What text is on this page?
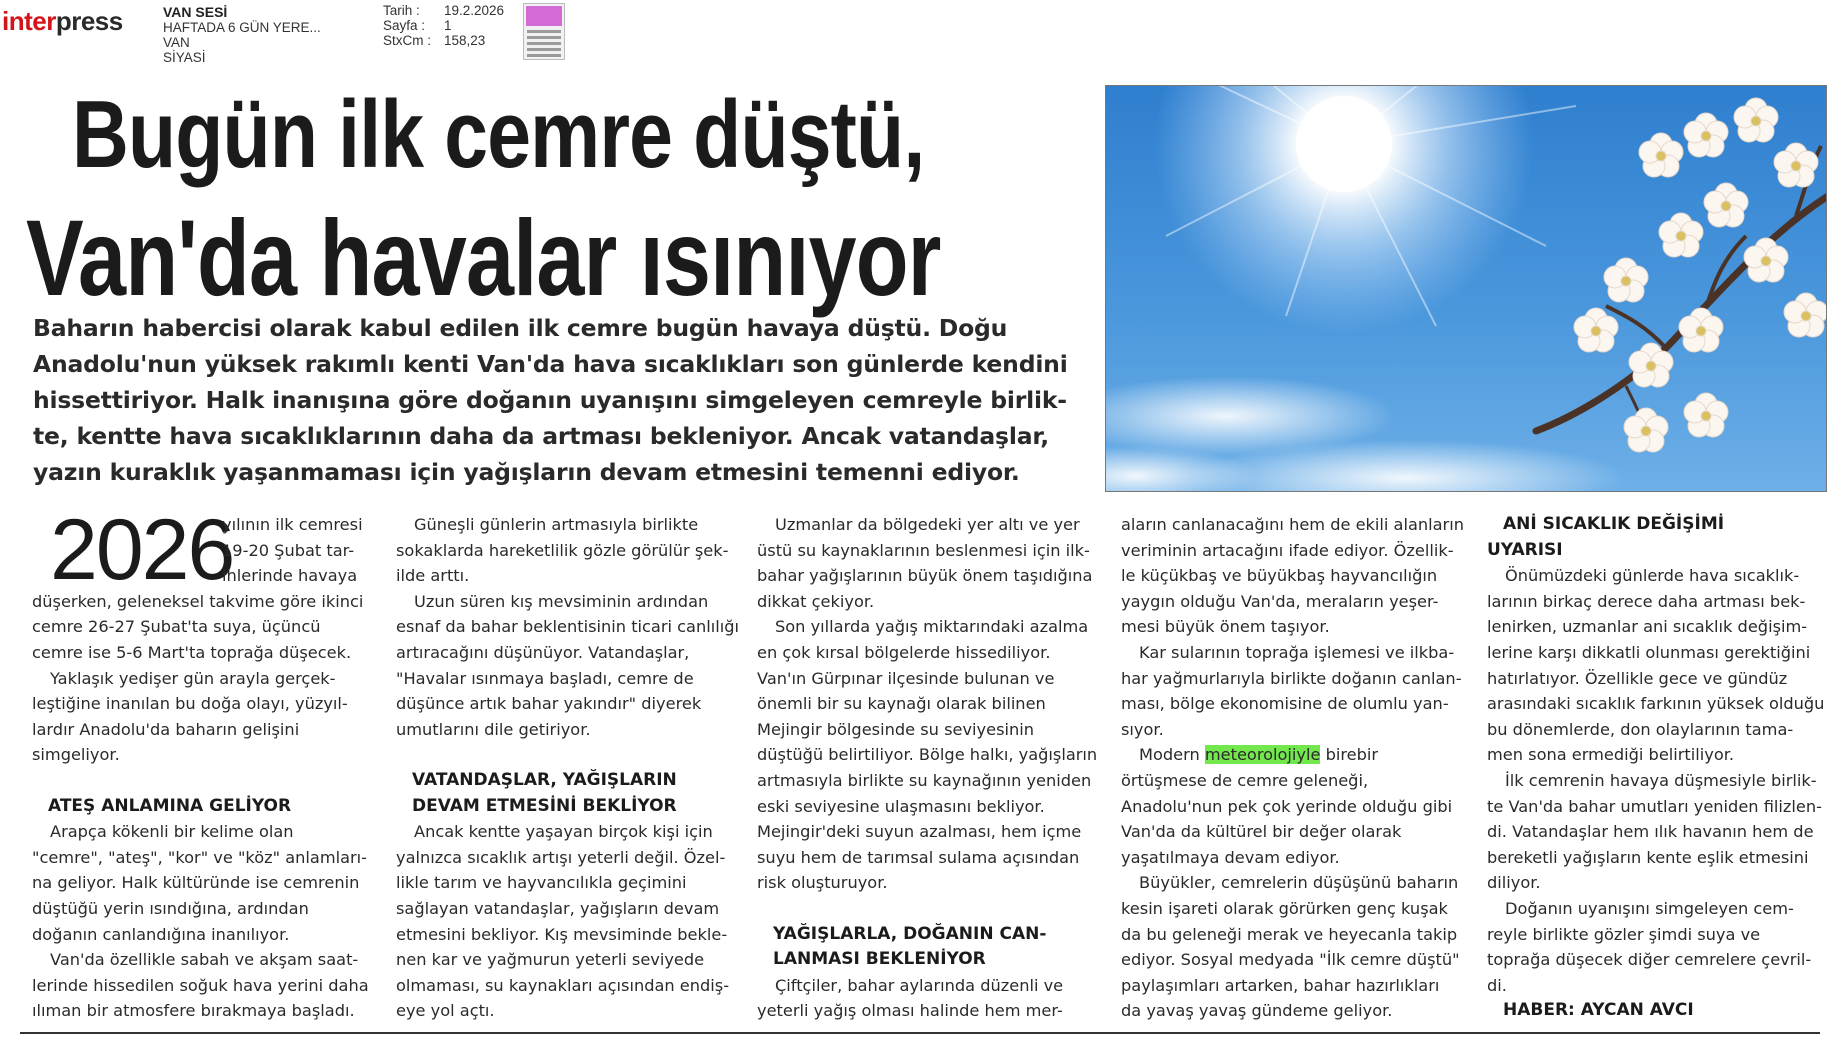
interpress	VAN SESİ
HAFTADA 6 GÜN YERE...
VAN
SİYASİ
Tarih :	19.2.2026
Sayfa :	1
StxCm : 158,23
Bugün ilk cemre düştü,
Van'da havalar ısınıyor
Baharın habercisi olarak kabul edilen ilk cemre bugün havaya düştü. Doğu
Anadolu'nun yüksek rakımlı kenti Van'da hava sıcaklıkları son günlerde kendini
hissettiriyor. Halk inanışına göre doğanın uyanışını simgeleyen cemreyle birlik-
te, kentte hava sıcaklıklarının daha da artması bekleniyor. Ancak vatandaşlar,
yazın kuraklık yaşanmaması için yağışların devam etmesini temenni ediyor.
2026
yılının ilk cemresi
19-20 Şubat tar-
ihlerinde havaya
düşerken, geleneksel takvime göre ikinci
cemre 26-27 Şubat'ta suya, üçüncü
cemre ise 5-6 Mart'ta toprağa düşecek.
Yaklaşık yedişer gün arayla gerçek-
leştiğine inanılan bu doğa olayı, yüzyıl-
lardır Anadolu'da baharın gelişini
simgeliyor.
ATEŞ ANLAMINA GELİYOR
Arapça kökenli bir kelime olan
"cemre", "ateş", "kor" ve "köz" anlamları-
na geliyor. Halk kültüründe ise cemrenin
düştüğü yerin ısındığına, ardından
doğanın canlandığına inanılıyor.
Van'da özellikle sabah ve akşam saat-
lerinde hissedilen soğuk hava yerini daha
ılıman bir atmosfere bırakmaya başladı.
Güneşli günlerin artmasıyla birlikte
sokaklarda hareketlilik gözle görülür şek-
ilde arttı.
Uzun süren kış mevsiminin ardından
esnaf da bahar beklentisinin ticari canlılığı
artıracağını düşünüyor. Vatandaşlar,
"Havalar ısınmaya başladı, cemre de
düşünce artık bahar yakındır" diyerek
umutlarını dile getiriyor.
VATANDAŞLAR, YAĞIŞLARIN
DEVAM ETMESİNİ BEKLİYOR
Ancak kentte yaşayan birçok kişi için
yalnızca sıcaklık artışı yeterli değil. Özel-
likle tarım ve hayvancılıkla geçimini
sağlayan vatandaşlar, yağışların devam
etmesini bekliyor. Kış mevsiminde bekle-
nen kar ve yağmurun yeterli seviyede
olmaması, su kaynakları açısından endiş-
eye yol açtı.
Uzmanlar da bölgedeki yer altı ve yer
üstü su kaynaklarının beslenmesi için ilk-
bahar yağışlarının büyük önem taşıdığına
dikkat çekiyor.
Son yıllarda yağış miktarındaki azalma
en çok kırsal bölgelerde hissediliyor.
Van'ın Gürpınar ilçesinde bulunan ve
önemli bir su kaynağı olarak bilinen
Mejingir bölgesinde su seviyesinin
düştüğü belirtiliyor. Bölge halkı, yağışların
artmasıyla birlikte su kaynağının yeniden
eski seviyesine ulaşmasını bekliyor.
Mejingir'deki suyun azalması, hem içme
suyu hem de tarımsal sulama açısından
risk oluşturuyor.
YAĞIŞLARLA, DOĞANIN CAN-
LANMASI BEKLENİYOR
Çiftçiler, bahar aylarında düzenli ve
yeterli yağış olması halinde hem mer-
aların canlanacağını hem de ekili alanların
veriminin artacağını ifade ediyor. Özellik-
le küçükbaş ve büyükbaş hayvancılığın
yaygın olduğu Van'da, meraların yeşer-
mesi büyük önem taşıyor.
Kar sularının toprağa işlemesi ve ilkba-
har yağmurlarıyla birlikte doğanın canlan-
ması, bölge ekonomisine de olumlu yan-
sıyor.
Modern meteorolojiyle birebir
örtüşmese de cemre geleneği,
Anadolu'nun pek çok yerinde olduğu gibi
Van'da da kültürel bir değer olarak
yaşatılmaya devam ediyor.
Büyükler, cemrelerin düşüşünü baharın
kesin işareti olarak görürken genç kuşak
da bu geleneği merak ve heyecanla takip
ediyor. Sosyal medyada "İlk cemre düştü"
paylaşımları artarken, bahar hazırlıkları
da yavaş yavaş gündeme geliyor.
ANİ SICAKLIK DEĞİŞİMİ
UYARISI
Önümüzdeki günlerde hava sıcaklık-
larının birkaç derece daha artması bek-
lenirken, uzmanlar ani sıcaklık değişim-
lerine karşı dikkatli olunması gerektiğini
hatırlatıyor. Özellikle gece ve gündüz
arasındaki sıcaklık farkının yüksek olduğu
bu dönemlerde, don olaylarının tama-
men sona ermediği belirtiliyor.
İlk cemrenin havaya düşmesiyle birlik-
te Van'da bahar umutları yeniden filizlen-
di. Vatandaşlar hem ılık havanın hem de
bereketli yağışların kente eşlik etmesini
diliyor.
Doğanın uyanışını simgeleyen cem-
reyle birlikte gözler şimdi suya ve
toprağa düşecek diğer cemrelere çevril-
di.
HABER: AYCAN AVCI
